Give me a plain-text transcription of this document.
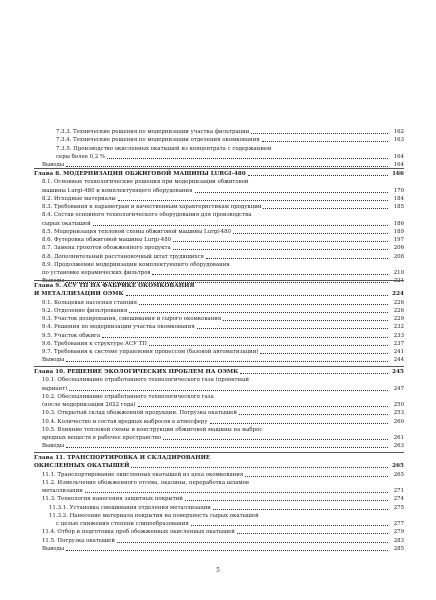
7.3.3. Технические решения по модернизации участка фильтрации	162
7.3.4. Технические решения по модернизации отделения окомкования	163
7.3.5. Производство окисленных окатышей из концентрата с содержанием
серы более 0,2 %	164
Выводы	164
Глава 8. МОДЕРНИЗАЦИЯ ОБЖИГОВОЙ МАШИНЫ LURGI-480	166
8.1. Основные технологические решения при модернизации обжиговой
машины Lurgi-480 и комплектующего оборудования	170
8.2. Исходные материалы	184
8.3. Требования к параметрам и качественным характеристикам продукции	185
8.4. Состав основного технологического оборудования для производства
сырых окатышей	186
8.5. Модернизация тепловой схемы обжиговой машины Lurgi-480	189
8.6. Футеровка обжиговой машины Lurgi-480	197
8.7. Замена грохотов обожженного продукта	206
8.8. Дополнительный расстановочный штат трудящихся	208
8.9. Продолжение модернизации комплектующего оборудования
по установке керамических фильтров	210
Выводы	221
Глава 9. АСУ ТП НА ФАБРИКЕ ОКОМКОВАНИЯ
И МЕТАЛЛИЗАЦИИ ОЭМК	224
9.1. Кольцевая насосная станция	226
9.2. Отделение фильтрования	226
9.3. Участок дозирования, смешивания и сырого окомкования	229
9.4. Решения по модернизации участка окомкования	232
9.5. Участок обжига	233
9.6. Требования к структуре АСУ ТП	237
9.7. Требования к системе управления процессом (базовой автоматизации)	241
Выводы	244
Глава 10. РЕШЕНИЕ ЭКОЛОГИЧЕСКИХ ПРОБЛЕМ НА ОЭМК	245
10.1. Обеспыливание отработанного технологического газа (проектный
вариант)	247
10.2. Обеспыливание отработанного технологического газа
(после модернизации 2022 года)	250
10.3. Открытый склад обожженной продукции. Погрузка окатышей	253
10.4. Количество и состав вредных выбросов в атмосферу	260
10.5. Влияние тепловой схемы и конструкции обжиговой машины на выброс
вредных веществ в рабочее пространство	261
Выводы	263
Глава 11. ТРАНСПОРТИРОВКА И СКЛАДИРОВАНИЕ
ОКИСЛЕННЫХ ОКАТЫШЕЙ	265
11.1. Транспортирование окисленных окатышей из цеха окомкования	265
11.2. Измельчение обожженного отсева, окалины, переработка шламов
металлизации	271
11.3. Технология нанесения защитных покрытий	274
11.3.1. Установка смешивания отделения металлизации	275
11.3.2. Нанесение материала покрытия на поверхность сырых окатышей
с целью снижения степени слипообразования	277
11.4. Отбор и подготовка проб обожженных окисленных окатышей	279
11.5. Погрузка окатышей	283
Выводы	285
5
